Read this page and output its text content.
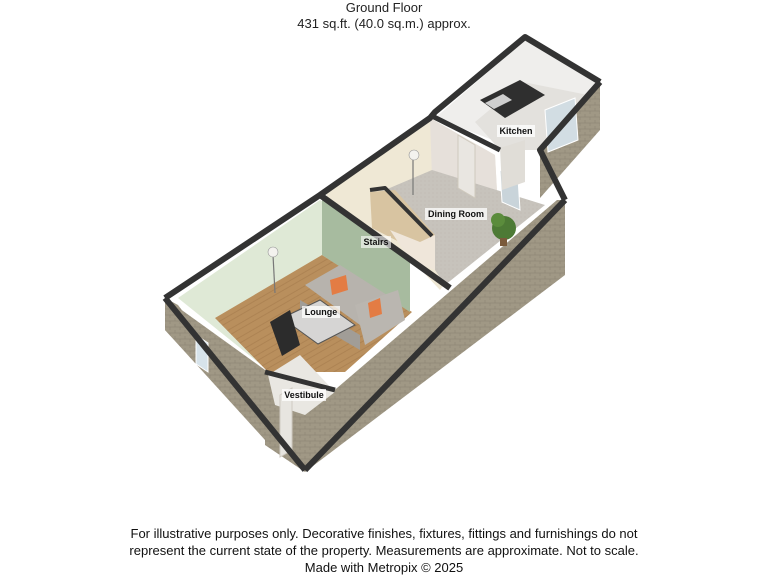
Ground Floor
431 sq.ft. (40.0 sq.m.) approx.
Kitchen
Dining Room
Stairs
Lounge
Vestibule
For illustrative purposes only. Decorative finishes, fixtures, fittings and furnishings do not
represent the current state of the property. Measurements are approximate. Not to scale.
Made with Metropix © 2025
